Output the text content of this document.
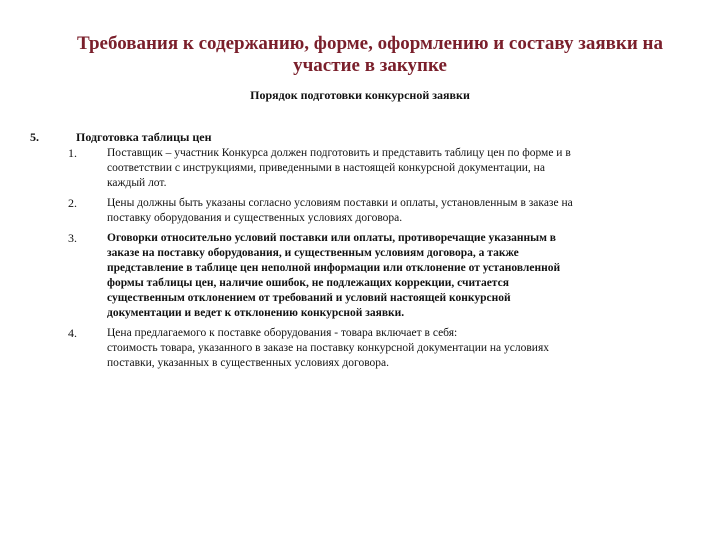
Требования к содержанию, форме, оформлению и составу заявки на
участие в закупке
Порядок подготовки конкурсной заявки
5.	Подготовка таблицы цен
1.	Поставщик – участник Конкурса должен подготовить и представить таблицу цен по форме и в
соответствии с инструкциями, приведенными в настоящей конкурсной документации, на
каждый лот.
2.	Цены должны быть указаны согласно условиям поставки и оплаты, установленным в заказе на
поставку оборудования и существенных условиях договора.
3.	Оговорки относительно условий поставки или оплаты, противоречащие указанным в
заказе на поставку оборудования, и существенным условиям договора, а также
представление в таблице цен неполной информации или отклонение от установленной
формы таблицы цен, наличие ошибок, не подлежащих коррекции, считается
существенным отклонением от требований и условий настоящей конкурсной
документации и ведет к отклонению конкурсной заявки.
4.	Цена предлагаемого к поставке оборудования - товара включает в себя:
стоимость товара, указанного в заказе на поставку конкурсной документации на условиях
поставки, указанных в существенных условиях договора.
